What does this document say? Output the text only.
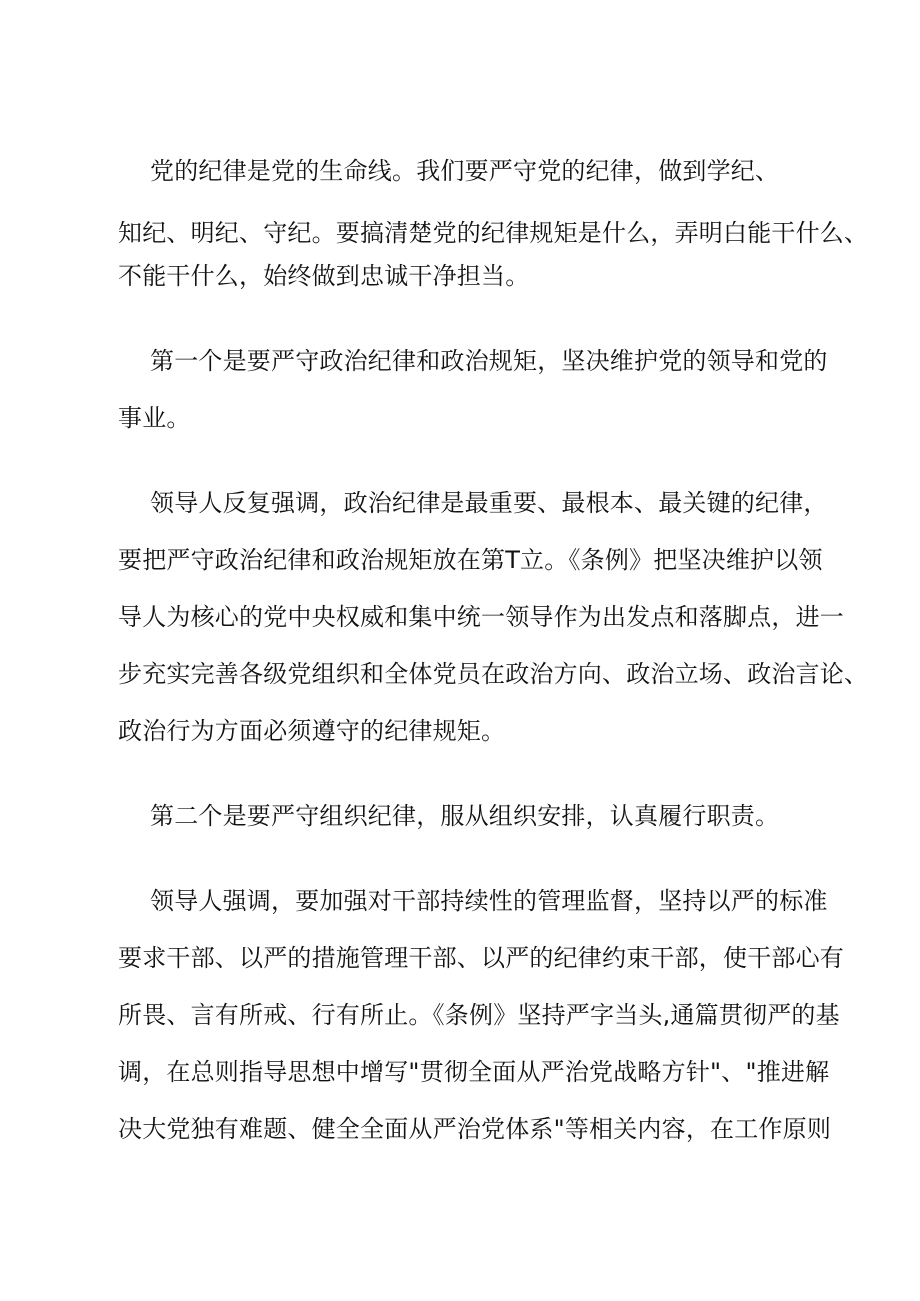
党的纪律是党的生命线。我们要严守党的纪律，做到学纪、
知纪、明纪、守纪。要搞清楚党的纪律规矩是什么，弄明白能干什么、
不能干什么，始终做到忠诚干净担当。
第一个是要严守政治纪律和政治规矩，坚决维护党的领导和党的
事业。
领导人反复强调，政治纪律是最重要、最根本、最关键的纪律，
要把严守政治纪律和政治规矩放在第T立。《条例》把坚决维护以领
导人为核心的党中央权威和集中统一领导作为出发点和落脚点，进一
步充实完善各级党组织和全体党员在政治方向、政治立场、政治言论、
政治行为方面必须遵守的纪律规矩。
第二个是要严守组织纪律，服从组织安排，认真履行职责。
领导人强调，要加强对干部持续性的管理监督，坚持以严的标准
要求干部、以严的措施管理干部、以严的纪律约束干部，使干部心有
所畏、言有所戒、行有所止。《条例》坚持严字当头,通篇贯彻严的基
调，在总则指导思想中增写"贯彻全面从严治党战略方针"、"推进解
决大党独有难题、健全全面从严治党体系"等相关内容，在工作原则
